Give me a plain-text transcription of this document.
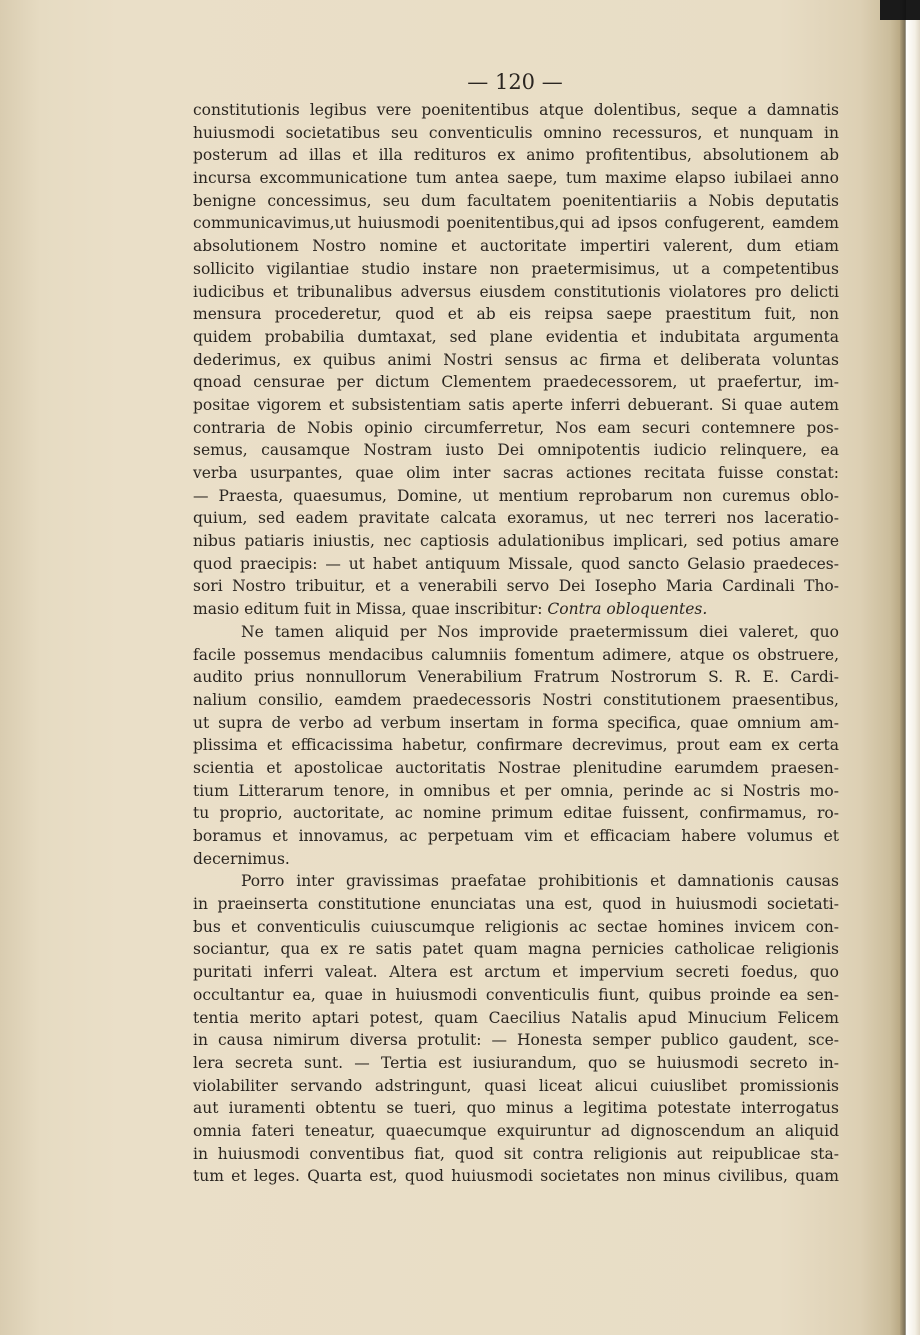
— 120 —
constitutionis legibus vere poenitentibus atque dolentibus, seque a damnatis
huiusmodi societatibus seu conventiculis omnino recessuros, et nunquam in
posterum ad illas et illa redituros ex animo profitentibus, absolutionem ab
incursa excommunicatione tum antea saepe, tum maxime elapso iubilaei anno
benigne concessimus, seu dum facultatem poenitentiariis a Nobis deputatis
communicavimus,ut huiusmodi poenitentibus,qui ad ipsos confugerent, eamdem
absolutionem Nostro nomine et auctoritate impertiri valerent, dum etiam
sollicito vigilantiae studio instare non praetermisimus, ut a competentibus
iudicibus et tribunalibus adversus eiusdem constitutionis violatores pro delicti
mensura procederetur, quod et ab eis reipsa saepe praestitum fuit, non
quidem probabilia dumtaxat, sed plane evidentia et indubitata argumenta
dederimus, ex quibus animi Nostri sensus ac firma et deliberata voluntas
qnoad censurae per dictum Clementem praedecessorem, ut praefertur, im-
positae vigorem et subsistentiam satis aperte inferri debuerant. Si quae autem
contraria de Nobis opinio circumferretur, Nos eam securi contemnere pos-
semus, causamque Nostram iusto Dei omnipotentis iudicio relinquere, ea
verba usurpantes, quae olim inter sacras actiones recitata fuisse constat:
— Praesta, quaesumus, Domine, ut mentium reprobarum non curemus oblo-
quium, sed eadem pravitate calcata exoramus, ut nec terreri nos laceratio-
nibus patiaris iniustis, nec captiosis adulationibus implicari, sed potius amare
quod praecipis: — ut habet antiquum Missale, quod sancto Gelasio praedeces-
sori Nostro tribuitur, et a venerabili servo Dei Iosepho Maria Cardinali Tho-
masio editum fuit in Missa, quae inscribitur: Contra obloquentes.
Ne tamen aliquid per Nos improvide praetermissum diei valeret, quo
facile possemus mendacibus calumniis fomentum adimere, atque os obstruere,
audito prius nonnullorum Venerabilium Fratrum Nostrorum S. R. E. Cardi-
nalium consilio, eamdem praedecessoris Nostri constitutionem praesentibus,
ut supra de verbo ad verbum insertam in forma specifica, quae omnium am-
plissima et efficacissima habetur, confirmare decrevimus, prout eam ex certa
scientia et apostolicae auctoritatis Nostrae plenitudine earumdem praesen-
tium Litterarum tenore, in omnibus et per omnia, perinde ac si Nostris mo-
tu proprio, auctoritate, ac nomine primum editae fuissent, confirmamus, ro-
boramus et innovamus, ac perpetuam vim et efficaciam habere volumus et
decernimus.
Porro inter gravissimas praefatae prohibitionis et damnationis causas
in praeinserta constitutione enunciatas una est, quod in huiusmodi societati-
bus et conventiculis cuiuscumque religionis ac sectae homines invicem con-
sociantur, qua ex re satis patet quam magna pernicies catholicae religionis
puritati inferri valeat. Altera est arctum et impervium secreti foedus, quo
occultantur ea, quae in huiusmodi conventiculis fiunt, quibus proinde ea sen-
tentia merito aptari potest, quam Caecilius Natalis apud Minucium Felicem
in causa nimirum diversa protulit: — Honesta semper publico gaudent, sce-
lera secreta sunt. — Tertia est iusiurandum, quo se huiusmodi secreto in-
violabiliter servando adstringunt, quasi liceat alicui cuiuslibet promissionis
aut iuramenti obtentu se tueri, quo minus a legitima potestate interrogatus
omnia fateri teneatur, quaecumque exquiruntur ad dignoscendum an aliquid
in huiusmodi conventibus fiat, quod sit contra religionis aut reipublicae sta-
tum et leges. Quarta est, quod huiusmodi societates non minus civilibus, quam
